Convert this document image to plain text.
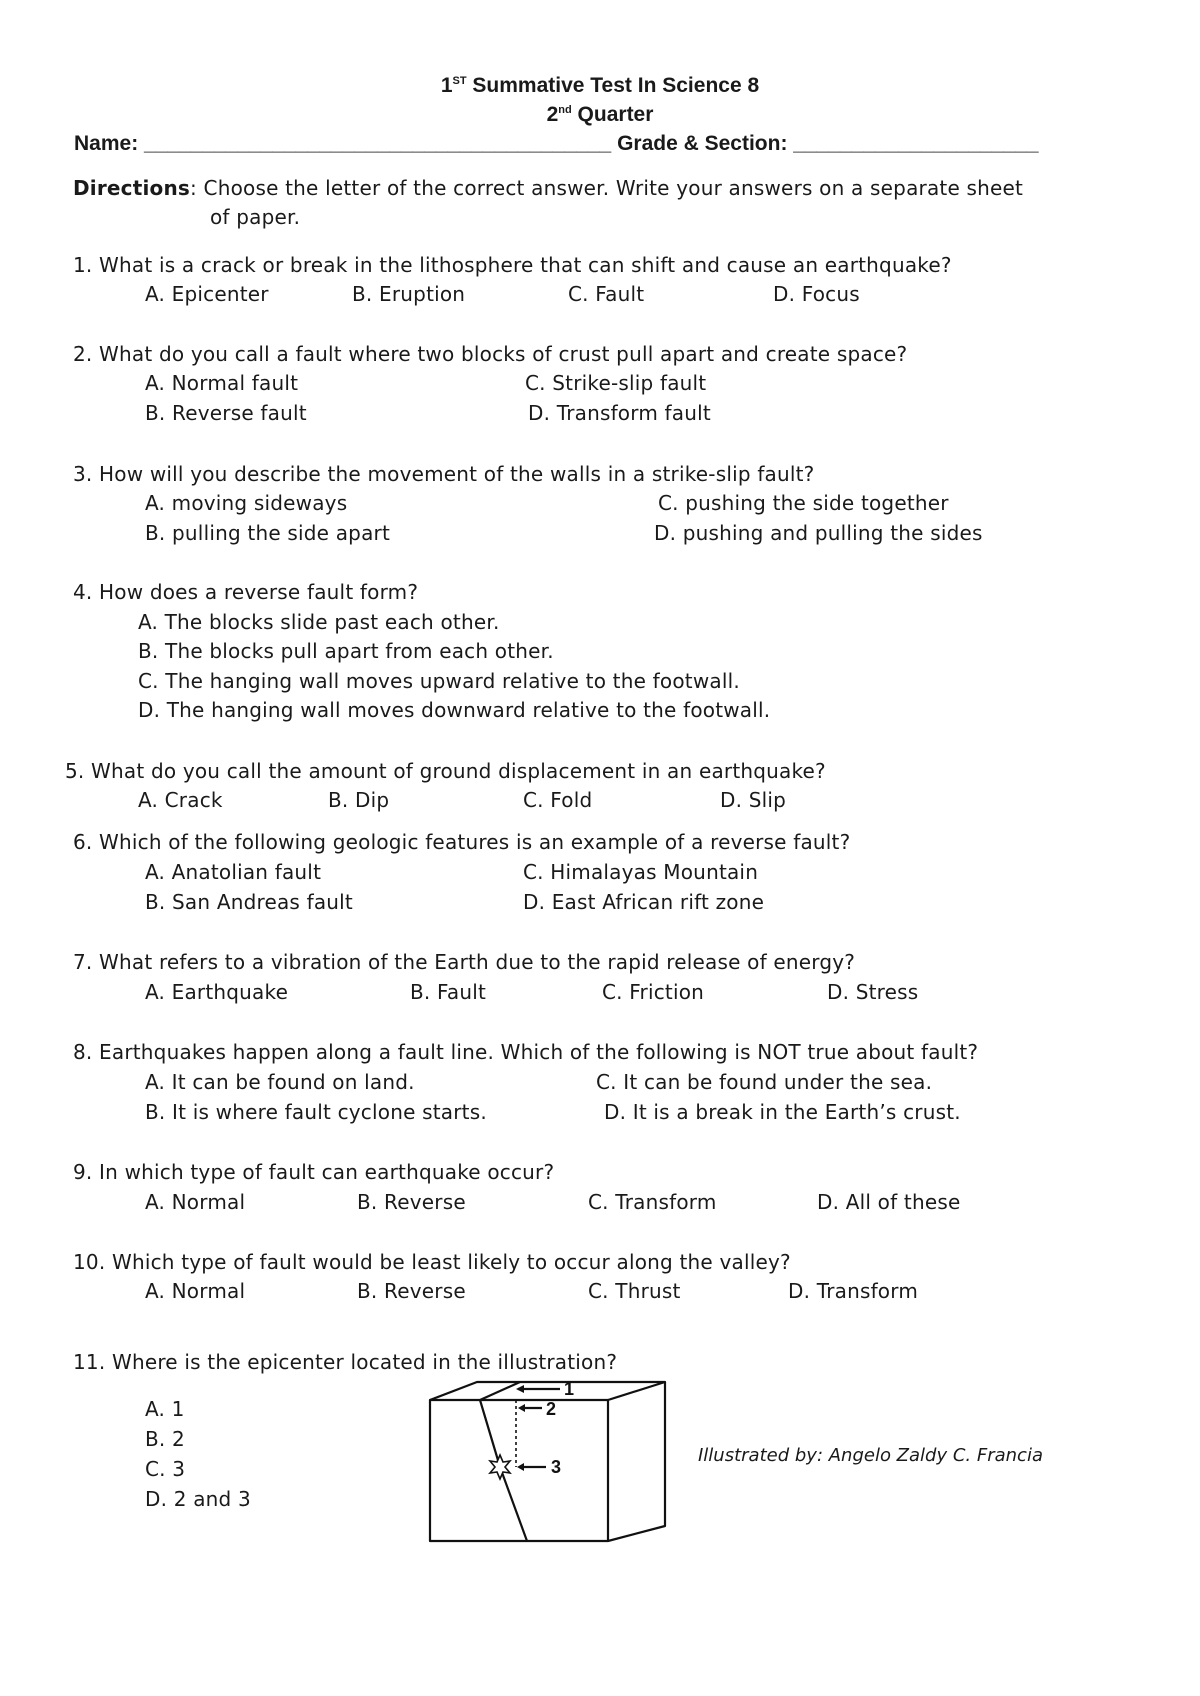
1ST Summative Test In Science 8
2nd Quarter
Name: ________________________________________ Grade & Section: _____________________
Directions: Choose the letter of the correct answer. Write your answers on a separate sheet
of paper.
1. What is a crack or break in the lithosphere that can shift and cause an earthquake?
A. Epicenter	B. Eruption	C. Fault	D. Focus
2. What do you call a fault where two blocks of crust pull apart and create space?
A. Normal fault	C. Strike-slip fault
B. Reverse fault	D. Transform fault
3. How will you describe the movement of the walls in a strike-slip fault?
A. moving sideways	C. pushing the side together
B. pulling the side apart	D. pushing and pulling the sides
4. How does a reverse fault form?
A. The blocks slide past each other.
B. The blocks pull apart from each other.
C. The hanging wall moves upward relative to the footwall.
D. The hanging wall moves downward relative to the footwall.
5. What do you call the amount of ground displacement in an earthquake?
A. Crack	B. Dip	C. Fold	D. Slip
6. Which of the following geologic features is an example of a reverse fault?
A. Anatolian fault	C. Himalayas Mountain
B. San Andreas fault	D. East African rift zone
7. What refers to a vibration of the Earth due to the rapid release of energy?
A. Earthquake	B. Fault	C. Friction	D. Stress
8. Earthquakes happen along a fault line. Which of the following is NOT true about fault?
A. It can be found on land.	C. It can be found under the sea.
B. It is where fault cyclone starts.	D. It is a break in the Earth’s crust.
9. In which type of fault can earthquake occur?
A. Normal	B. Reverse	C. Transform	D. All of these
10. Which type of fault would be least likely to occur along the valley?
A. Normal	B. Reverse	C. Thrust	D. Transform
11. Where is the epicenter located in the illustration?
A. 1
B. 2
C. 3
D. 2 and 3
1
2
3
Illustrated by: Angelo Zaldy C. Francia
